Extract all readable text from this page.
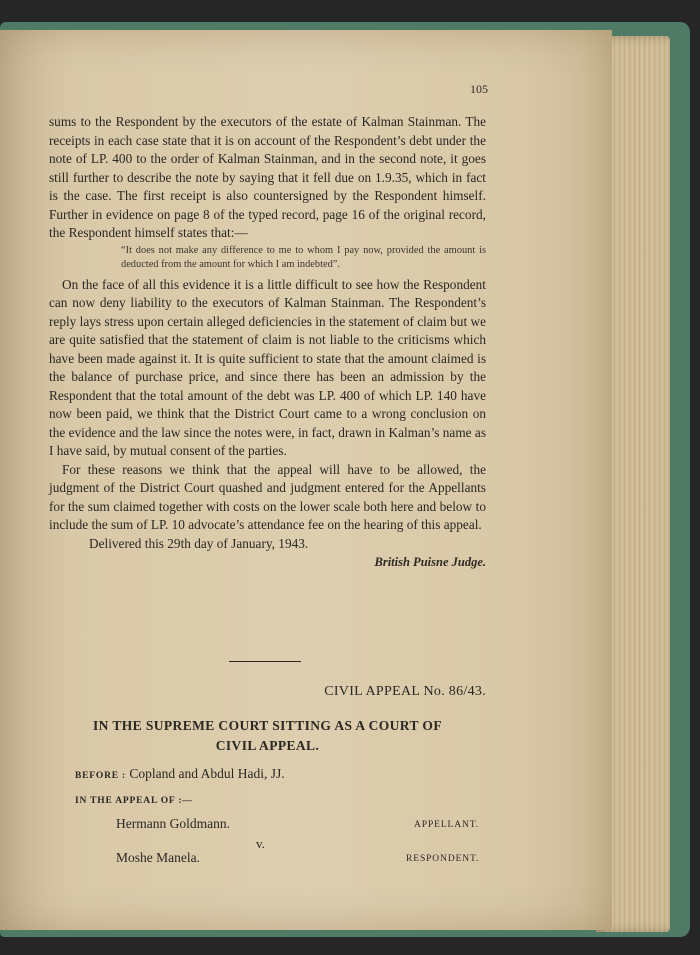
105

sums to the Respondent by the executors of the estate of Kalman Stainman. The receipts in each case state that it is on account of the Respondent’s debt under the note of LP. 400 to the order of Kalman Stainman, and in the second note, it goes still further to describe the note by saying that it fell due on 1.9.35, which in fact is the case. The first receipt is also countersigned by the Respondent himself. Further in evidence on page 8 of the typed record, page 16 of the original record, the Respondent himself states that:—

“It does not make any difference to me to whom I pay now, provided the amount is deducted from the amount for which I am indebted”.

On the face of all this evidence it is a little difficult to see how the Respondent can now deny liability to the executors of Kalman Stainman. The Respondent’s reply lays stress upon certain alleged deficiencies in the statement of claim but we are quite satisfied that the statement of claim is not liable to the criticisms which have been made against it. It is quite sufficient to state that the amount claimed is the balance of purchase price, and since there has been an admission by the Respondent that the total amount of the debt was LP. 400 of which LP. 140 have now been paid, we think that the District Court came to a wrong conclusion on the evidence and the law since the notes were, in fact, drawn in Kalman’s name as I have said, by mutual consent of the parties.

For these reasons we think that the appeal will have to be allowed, the judgment of the District Court quashed and judgment entered for the Appellants for the sum claimed together with costs on the lower scale both here and below to include the sum of LP. 10 advocate’s attendance fee on the hearing of this appeal.

Delivered this 29th day of January, 1943.

British Puisne Judge.

CIVIL APPEAL No. 86/43.
IN THE SUPREME COURT SITTING AS A COURT OF
CIVIL APPEAL.
BEFORE : Copland and Abdul Hadi, JJ.
IN THE APPEAL OF :—
Hermann Goldmann.	APPELLANT.
v.
Moshe Manela.	RESPONDENT.
